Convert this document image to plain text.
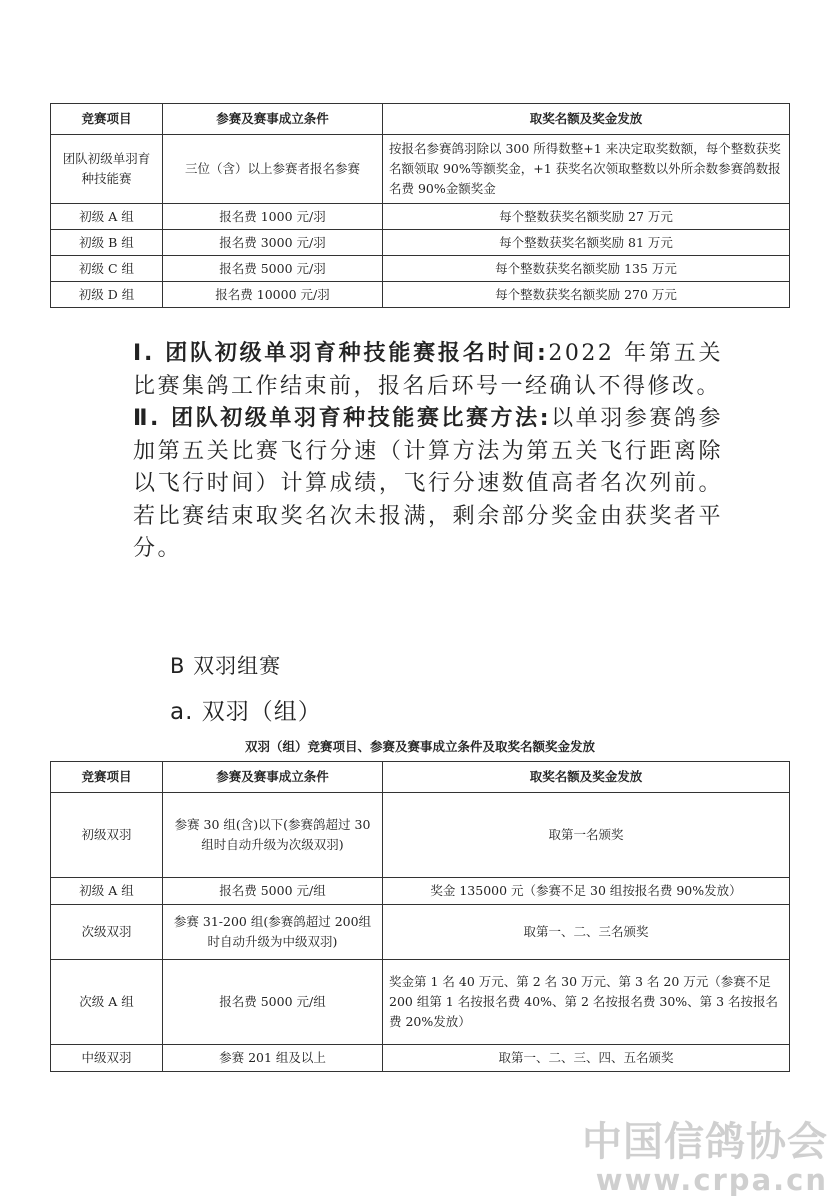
竞赛项目	参赛及赛事成立条件	取奖名额及奖金发放
团队初级单羽育种技能赛	三位（含）以上参赛者报名参赛	按报名参赛鸽羽除以 300 所得数整+1 来决定取奖数额，每个整数获奖名额领取 90%等额奖金，+1 获奖名次领取整数以外所余数参赛鸽数报名费 90%金额奖金
初级 A 组	报名费 1000 元/羽	每个整数获奖名额奖励 27 万元
初级 B 组	报名费 3000 元/羽	每个整数获奖名额奖励 81 万元
初级 C 组	报名费 5000 元/羽	每个整数获奖名额奖励 135 万元
初级 D 组	报名费 10000 元/羽	每个整数获奖名额奖励 270 万元
Ⅰ. 团队初级单羽育种技能赛报名时间:2022 年第五关比赛集鸽工作结束前，报名后环号一经确认不得修改。
Ⅱ. 团队初级单羽育种技能赛比赛方法:以单羽参赛鸽参加第五关比赛飞行分速（计算方法为第五关飞行距离除以飞行时间）计算成绩，飞行分速数值高者名次列前。若比赛结束取奖名次未报满，剩余部分奖金由获奖者平分。
B 双羽组赛
a. 双羽（组）
双羽（组）竞赛项目、参赛及赛事成立条件及取奖名额奖金发放
竞赛项目	参赛及赛事成立条件	取奖名额及奖金发放
初级双羽	参赛 30 组(含)以下(参赛鸽超过 30 组时自动升级为次级双羽)	取第一名颁奖
初级 A 组	报名费 5000 元/组	奖金 135000 元（参赛不足 30 组按报名费 90%发放）
次级双羽	参赛 31-200 组(参赛鸽超过 200组时自动升级为中级双羽)	取第一、二、三名颁奖
次级 A 组	报名费 5000 元/组	奖金第 1 名 40 万元、第 2 名 30 万元、第 3 名 20 万元（参赛不足 200 组第 1 名按报名费 40%、第 2 名按报名费 30%、第 3 名按报名费 20%发放）
中级双羽	参赛 201 组及以上	取第一、二、三、四、五名颁奖
中国信鸽协会
www.crpa.cn
